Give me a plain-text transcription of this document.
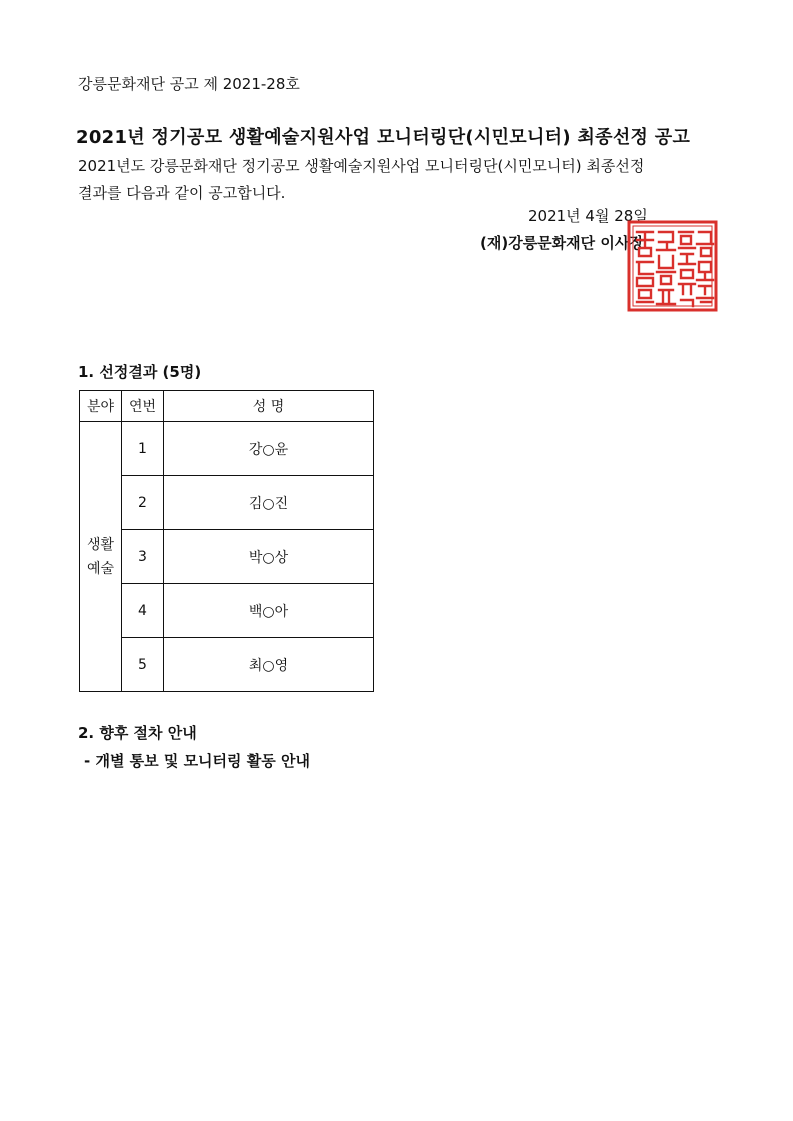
강릉문화재단 공고 제 2021-28호
2021년 정기공모 생활예술지원사업 모니터링단(시민모니터) 최종선정 공고
2021년도 강릉문화재단 정기공모 생활예술지원사업 모니터링단(시민모니터) 최종선정
결과를 다음과 같이 공고합니다.
2021년 4월 28일
(재)강릉문화재단 이사장
1. 선정결과 (5명)
분야	연번	성 명

생활
예술	1	강○윤
	2	김○진
	3	박○상
	4	백○아
	5	최○영
2. 향후 절차 안내
- 개별 통보 및 모니터링 활동 안내
